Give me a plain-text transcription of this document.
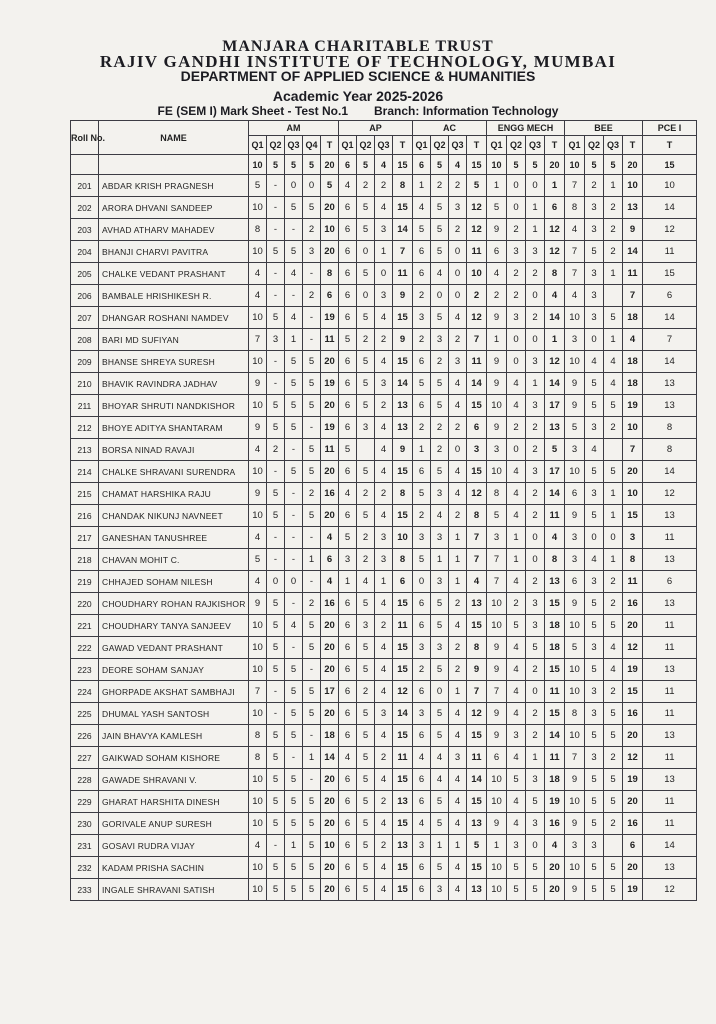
MANJARA CHARITABLE TRUST
RAJIV GANDHI INSTITUTE OF TECHNOLOGY, MUMBAI
DEPARTMENT OF APPLIED SCIENCE & HUMANITIES
Academic Year 2025-2026
FE (SEM I) Mark Sheet - Test No.1 Branch: Information Technology
Roll No.	NAME	AM					AP				AC				ENGG MECH				BEE				PCE I
		Q1	Q2	Q3	Q4	T	Q1	Q2	Q3	T	Q1	Q2	Q3	T	Q1	Q2	Q3	T	Q1	Q2	Q3	T	T
		10	5	5	5	20	6	5	4	15	6	5	4	15	10	5	5	20	10	5	5	20	15
201	ABDAR KRISH PRAGNESH	5	-	0	0	5	4	2	2	8	1	2	2	5	1	0	0	1	7	2	1	10	10
202	ARORA DHVANI SANDEEP	10	-	5	5	20	6	5	4	15	4	5	3	12	5	0	1	6	8	3	2	13	14
203	AVHAD ATHARV MAHADEV	8	-	-	2	10	6	5	3	14	5	5	2	12	9	2	1	12	4	3	2	9	12
204	BHANJI CHARVI PAVITRA	10	5	5	3	20	6	0	1	7	6	5	0	11	6	3	3	12	7	5	2	14	11
205	CHALKE VEDANT PRASHANT	4	-	4	-	8	6	5	0	11	6	4	0	10	4	2	2	8	7	3	1	11	15
206	BAMBALE HRISHIKESH R.	4	-	-	2	6	6	0	3	9	2	0	0	2	2	2	0	4	4	3		7	6
207	DHANGAR ROSHANI NAMDEV	10	5	4	-	19	6	5	4	15	3	5	4	12	9	3	2	14	10	3	5	18	14
208	BARI MD SUFIYAN	7	3	1	-	11	5	2	2	9	2	3	2	7	1	0	0	1	3	0	1	4	7
209	BHANSE SHREYA SURESH	10	-	5	5	20	6	5	4	15	6	2	3	11	9	0	3	12	10	4	4	18	14
210	BHAVIK RAVINDRA JADHAV	9	-	5	5	19	6	5	3	14	5	5	4	14	9	4	1	14	9	5	4	18	13
211	BHOYAR SHRUTI NANDKISHOR	10	5	5	5	20	6	5	2	13	6	5	4	15	10	4	3	17	9	5	5	19	13
212	BHOYE ADITYA SHANTARAM	9	5	5	-	19	6	3	4	13	2	2	2	6	9	2	2	13	5	3	2	10	8
213	BORSA NINAD RAVAJI	4	2	-	5	11	5		4	9	1	2	0	3	3	0	2	5	3	4		7	8
214	CHALKE SHRAVANI SURENDRA	10	-	5	5	20	6	5	4	15	6	5	4	15	10	4	3	17	10	5	5	20	14
215	CHAMAT HARSHIKA RAJU	9	5	-	2	16	4	2	2	8	5	3	4	12	8	4	2	14	6	3	1	10	12
216	CHANDAK NIKUNJ NAVNEET	10	5	-	5	20	6	5	4	15	2	4	2	8	5	4	2	11	9	5	1	15	13
217	GANESHAN TANUSHREE	4	-	-	-	4	5	2	3	10	3	3	1	7	3	1	0	4	3	0	0	3	11
218	CHAVAN MOHIT C.	5	-	-	1	6	3	2	3	8	5	1	1	7	7	1	0	8	3	4	1	8	13
219	CHHAJED SOHAM NILESH	4	0	0	-	4	1	4	1	6	0	3	1	4	7	4	2	13	6	3	2	11	6
220	CHOUDHARY ROHAN RAJKISHOR	9	5	-	2	16	6	5	4	15	6	5	2	13	10	2	3	15	9	5	2	16	13
221	CHOUDHARY TANYA SANJEEV	10	5	4	5	20	6	3	2	11	6	5	4	15	10	5	3	18	10	5	5	20	11
222	GAWAD VEDANT PRASHANT	10	5	-	5	20	6	5	4	15	3	3	2	8	9	4	5	18	5	3	4	12	11
223	DEORE SOHAM SANJAY	10	5	5	-	20	6	5	4	15	2	5	2	9	9	4	2	15	10	5	4	19	13
224	GHORPADE AKSHAT SAMBHAJI	7	-	5	5	17	6	2	4	12	6	0	1	7	7	4	0	11	10	3	2	15	11
225	DHUMAL YASH SANTOSH	10	-	5	5	20	6	5	3	14	3	5	4	12	9	4	2	15	8	3	5	16	11
226	JAIN BHAVYA KAMLESH	8	5	5	-	18	6	5	4	15	6	5	4	15	9	3	2	14	10	5	5	20	13
227	GAIKWAD SOHAM KISHORE	8	5	-	1	14	4	5	2	11	4	4	3	11	6	4	1	11	7	3	2	12	11
228	GAWADE SHRAVANI V.	10	5	5	-	20	6	5	4	15	6	4	4	14	10	5	3	18	9	5	5	19	13
229	GHARAT HARSHITA DINESH	10	5	5	5	20	6	5	2	13	6	5	4	15	10	4	5	19	10	5	5	20	11
230	GORIVALE ANUP SURESH	10	5	5	5	20	6	5	4	15	4	5	4	13	9	4	3	16	9	5	2	16	11
231	GOSAVI RUDRA VIJAY	4	-	1	5	10	6	5	2	13	3	1	1	5	1	3	0	4	3	3		6	14
232	KADAM PRISHA SACHIN	10	5	5	5	20	6	5	4	15	6	5	4	15	10	5	5	20	10	5	5	20	13
233	INGALE SHRAVANI SATISH	10	5	5	5	20	6	5	4	15	6	3	4	13	10	5	5	20	9	5	5	19	12
